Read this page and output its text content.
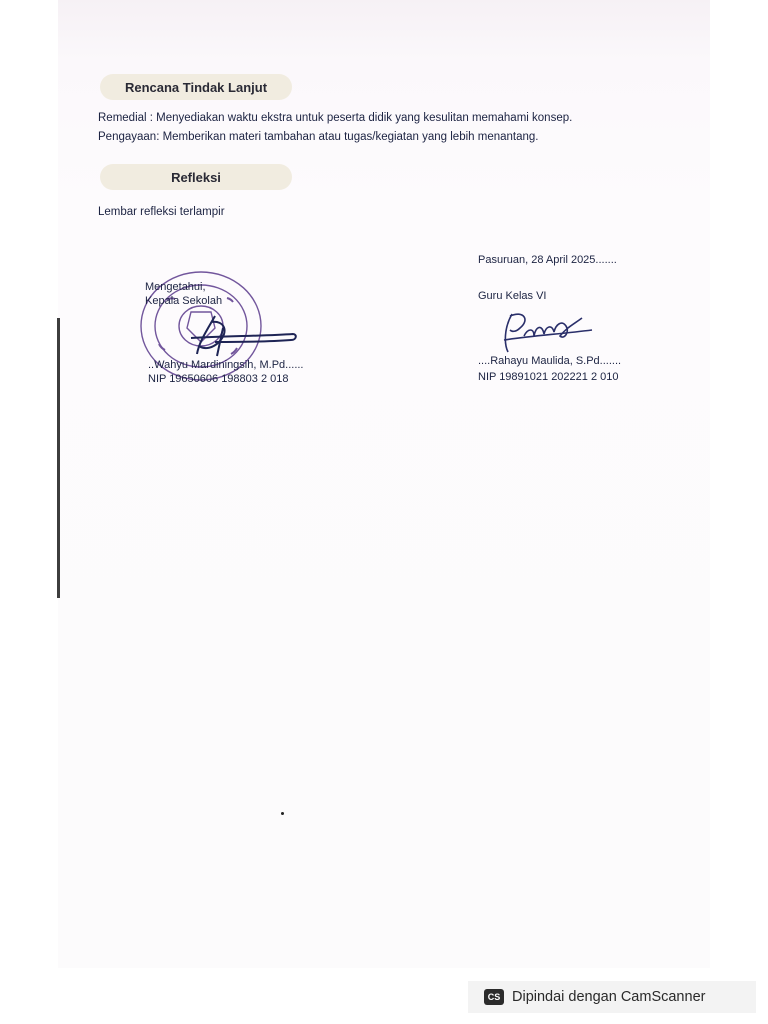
Rencana Tindak Lanjut
Remedial : Menyediakan waktu ekstra untuk peserta didik yang kesulitan memahami konsep.
Pengayaan: Memberikan materi tambahan atau tugas/kegiatan yang lebih menantang.
Refleksi
Lembar refleksi terlampir
Mengetahui,
Kepala Sekolah
..Wahyu Mardiningsih, M.Pd......
NIP 19650606 198803 2 018
Pasuruan, 28 April 2025.......
Guru Kelas VI
....Rahayu Maulida, S.Pd.......
NIP 19891021 202221 2 010
CS Dipindai dengan CamScanner
